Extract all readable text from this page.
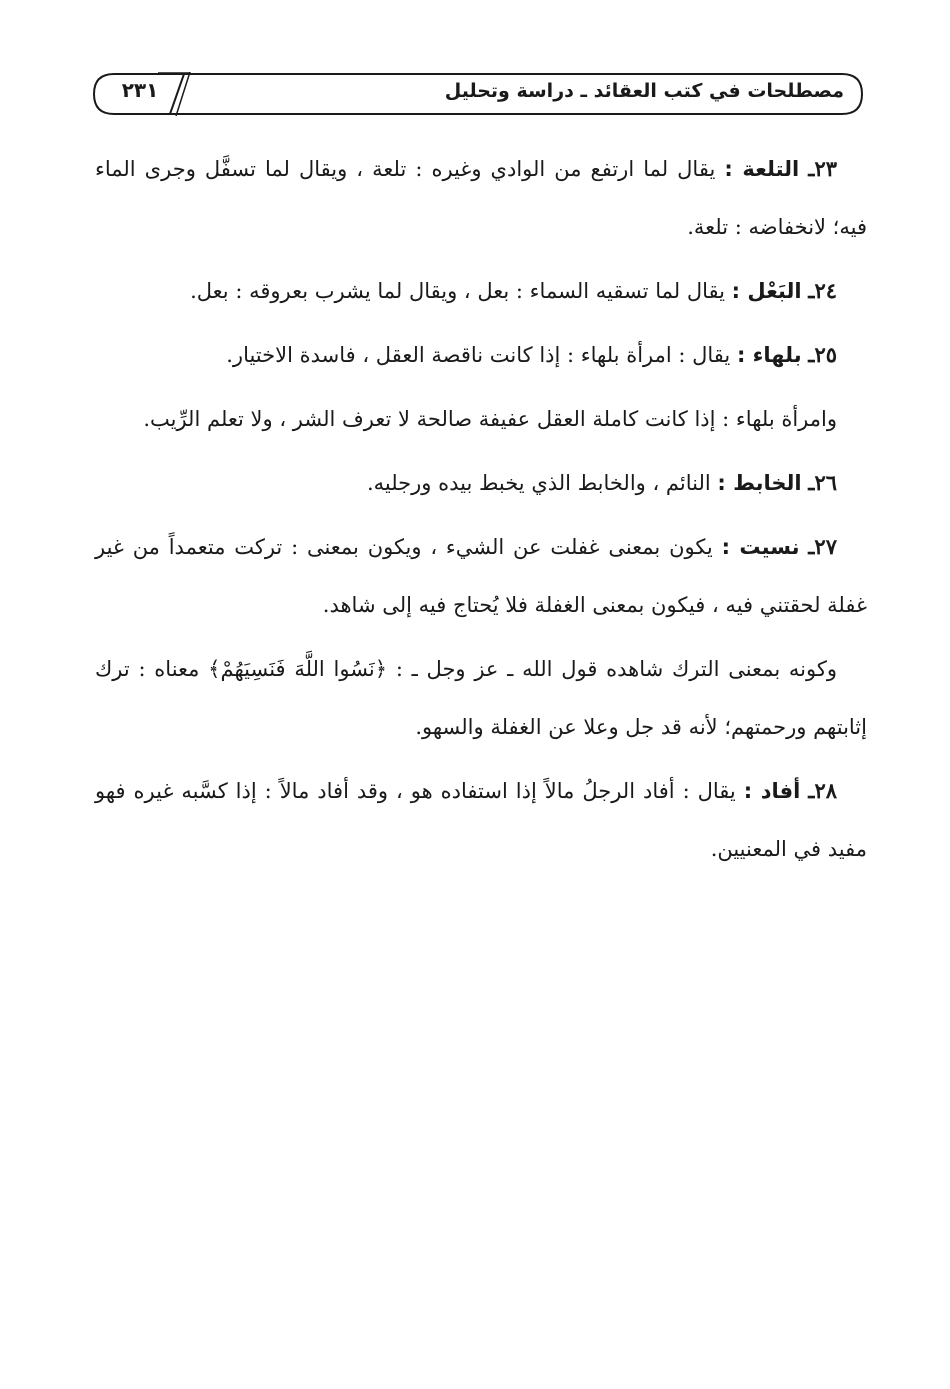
٢٣١	مصطلحات في كتب العقائد ـ دراسة وتحليل

٢٣ـ التلعة : يقال لما ارتفع من الوادي وغيره : تلعة ، ويقال لما تسفَّل وجرى الماء فيه؛ لانخفاضه : تلعة.

٢٤ـ البَعْل : يقال لما تسقيه السماء : بعل ، ويقال لما يشرب بعروقه : بعل.

٢٥ـ بلهاء : يقال : امرأة بلهاء : إذا كانت ناقصة العقل ، فاسدة الاختيار.

وامرأة بلهاء : إذا كانت كاملة العقل عفيفة صالحة لا تعرف الشر ، ولا تعلم الرِّيب.

٢٦ـ الخابط : النائم ، والخابط الذي يخبط بيده ورجليه.

٢٧ـ نسيت : يكون بمعنى غفلت عن الشيء ، ويكون بمعنى : تركت متعمداً من غير غفلة لحقتني فيه ، فيكون بمعنى الغفلة فلا يُحتاج فيه إلى شاهد.

وكونه بمعنى الترك شاهده قول الله ـ عز وجل ـ : ﴿نَسُوا اللَّهَ فَنَسِيَهُمْ﴾ معناه : ترك إثابتهم ورحمتهم؛ لأنه قد جل وعلا عن الغفلة والسهو.

٢٨ـ أفاد : يقال : أفاد الرجلُ مالاً إذا استفاده هو ، وقد أفاد مالاً : إذا كسَّبه غيره فهو مفيد في المعنيين.
